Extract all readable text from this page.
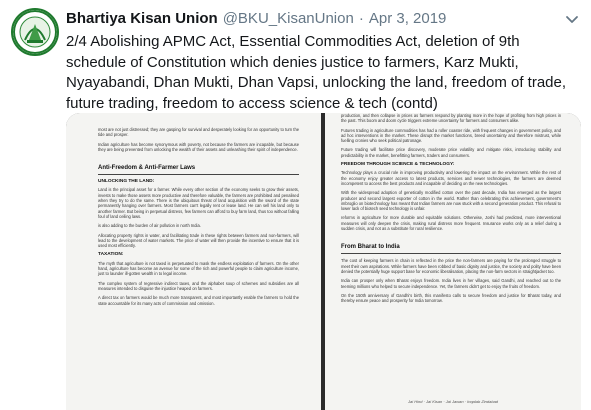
Bhartiya Kisan Union @BKU_KisanUnion · Apr 3, 2019
2/4 Abolishing APMC Act, Essential Commodities Act, deletion of 9th schedule of Constitution which denies justice to farmers, Karz Mukti, Nyayabandi, Dhan Mukti, Dhan Vapsi, unlocking the land, freedom of trade, future trading, freedom to access science & tech (contd)

most are not just distressed; they are gasping for survival and desperately looking for an opportunity to turn the tide and prosper.

Indian agriculture has become synonymous with poverty, not because the farmers are incapable, but because they are being prevented from unlocking the wealth of their assets and unleashing their spirit of independence.

Anti-Freedom & Anti-Farmer Laws
UNLOCKING THE LAND:

Land is the principal asset for a farmer. While every other section of the economy seeks to grow their assets, invests to make those assets more productive and therefore valuable, the farmers are prohibited and penalised when they try to do the same. There is the ubiquitous threat of land acquisition with the sword of the state permanently hanging over farmers. Most farmers can't legally rent or lease land. He can sell his land only to another farmer. But being in perpetual distress, few farmers can afford to buy farm land, thus too without falling foul of land ceiling laws.

is also adding to the burden of air pollution in north India.

Allocating property rights in water, and facilitating trade in these rights between farmers and non-farmers, will lead to the development of water markets. The price of water will then provide the incentive to ensure that it is used most efficiently.

TAXATION:

The myth that agriculture is not taxed is perpetuated to mask the endless exploitation of farmers. On the other hand, agriculture has become an avenue for some of the rich and powerful people to claim agriculture income, just to launder ill-gotten wealth in to legal income.

The complex system of regressive indirect taxes, and the alphabet soup of schemes and subsidies are all measures intended to disguise the injustice heaped on farmers.

A direct tax on farmers would be much more transparent, and most importantly enable the farmers to hold the state accountable for its many acts of commission and omission.

production, and then collapse in prices as farmers respond by planting more in the hope of profiting from high prices in the past. This boom and doom cycle triggers extreme uncertainty for farmers and consumers alike.

Futures trading in agriculture commodities has had a roller coaster ride, with frequent changes in government policy, and ad hoc interventions in the market. These disrupt the market functions, breed uncertainty and therefore mistrust, while fuelling cronies who seek political patronage.

Future trading will facilitate price discovery, moderate price volatility and mitigate risks, introducing stability and predictability in the market, benefitting farmers, traders and consumers.

FREEDOM THROUGH SCIENCE & TECHNOLOGY:

Technology plays a crucial role in improving productivity and lowering the impact on the environment. While the rest of the economy enjoy greater access to latest products, services and newer technologies, the farmers are deemed incompetent to access the best products and incapable of deciding on the new technologies.

With the widespread adoption of genetically modified cotton over the past decade, India has emerged as the largest producer and second largest exporter of cotton in the world. Rather than celebrating this achievement, government's imbroglio on biotechnology has meant that Indian farmers are now stuck with a second generation product. This refusal to lower lack of biotech seed technology is unfair.

reforms in agriculture for more durable and equitable solutions. Otherwise, Joshi had predicted, more interventional measures will only deepen the crisis, making rural distress more frequent. Insurance works only as a relief during a sudden crisis, and not as a substitute for rural resilience.

From Bharat to India

The cost of keeping farmers in chain is reflected in the price the non-farmers are paying for the prolonged struggle to meet their own aspirations. While farmers have been robbed of basic dignity and justice, the society and polity have been denied the potentially huge support base for economic liberalisation, placing the non-farm sectors in straightjacket too.

India can prosper only when Bharat enjoys freedom. India lives in her villages, said Gandhi, and reached out to the teeming millions who helped to secure independence. Yet, the farmers didn't get to enjoy the fruits of freedom.

On the 150th anniversary of Gandhi's birth, this manifesto calls to secure freedom and justice for Bharat today, and thereby ensure peace and prosperity for India tomorrow.

Jai Hind · Jai Kisan · Jai Jawan · Inqalab Zindabad
